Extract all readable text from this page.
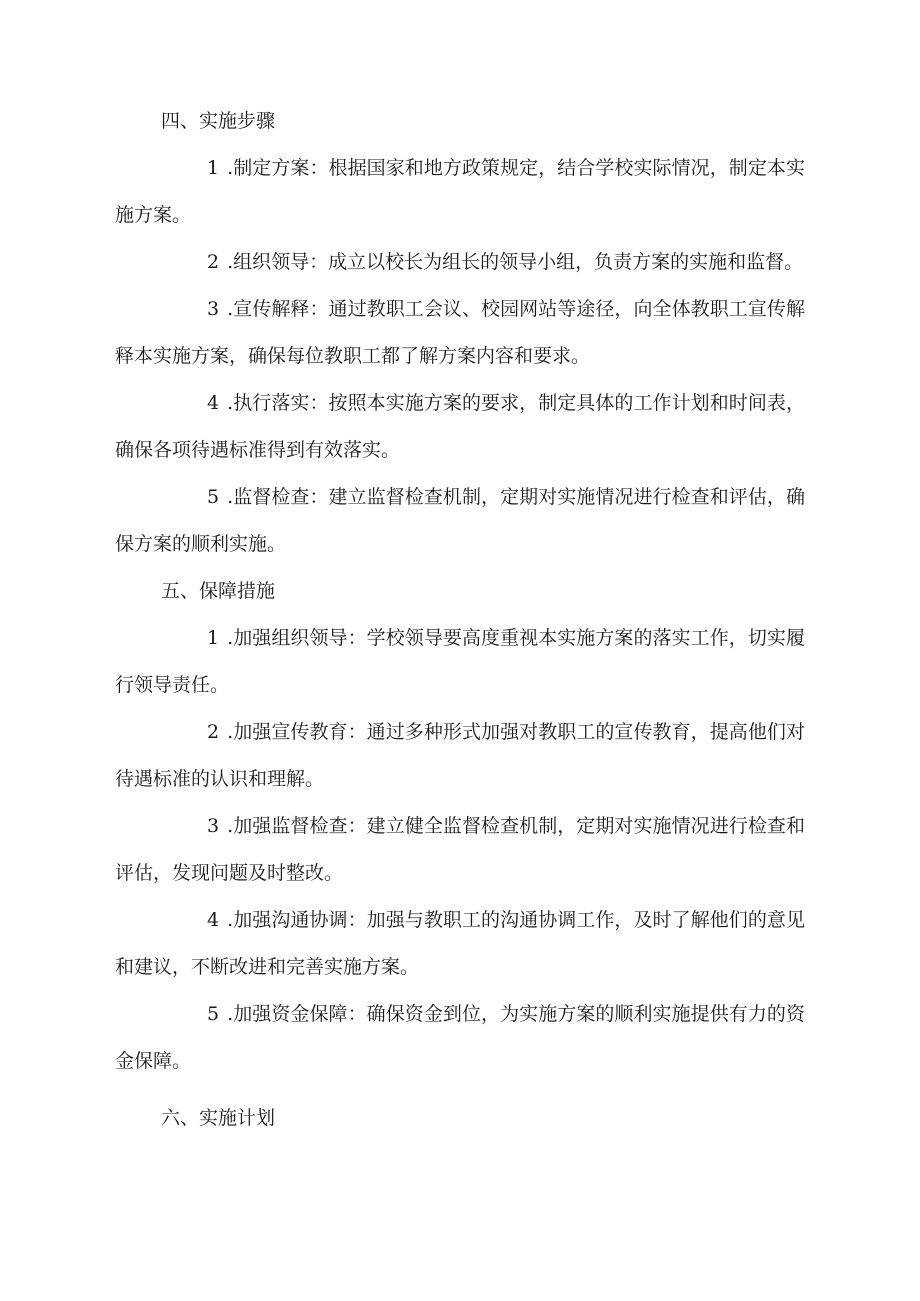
四、实施步骤

1 .制定方案：根据国家和地方政策规定，结合学校实际情况，制定本实施方案。

2 .组织领导：成立以校长为组长的领导小组，负责方案的实施和监督。

3 .宣传解释：通过教职工会议、校园网站等途径，向全体教职工宣传解释本实施方案，确保每位教职工都了解方案内容和要求。

4 .执行落实：按照本实施方案的要求，制定具体的工作计划和时间表，确保各项待遇标准得到有效落实。

5 .监督检查：建立监督检查机制，定期对实施情况进行检查和评估，确保方案的顺利实施。

五、保障措施

1 .加强组织领导：学校领导要高度重视本实施方案的落实工作，切实履行领导责任。

2 .加强宣传教育：通过多种形式加强对教职工的宣传教育，提高他们对待遇标准的认识和理解。

3 .加强监督检查：建立健全监督检查机制，定期对实施情况进行检查和评估，发现问题及时整改。

4 .加强沟通协调：加强与教职工的沟通协调工作，及时了解他们的意见和建议，不断改进和完善实施方案。

5 .加强资金保障：确保资金到位，为实施方案的顺利实施提供有力的资金保障。

六、实施计划
